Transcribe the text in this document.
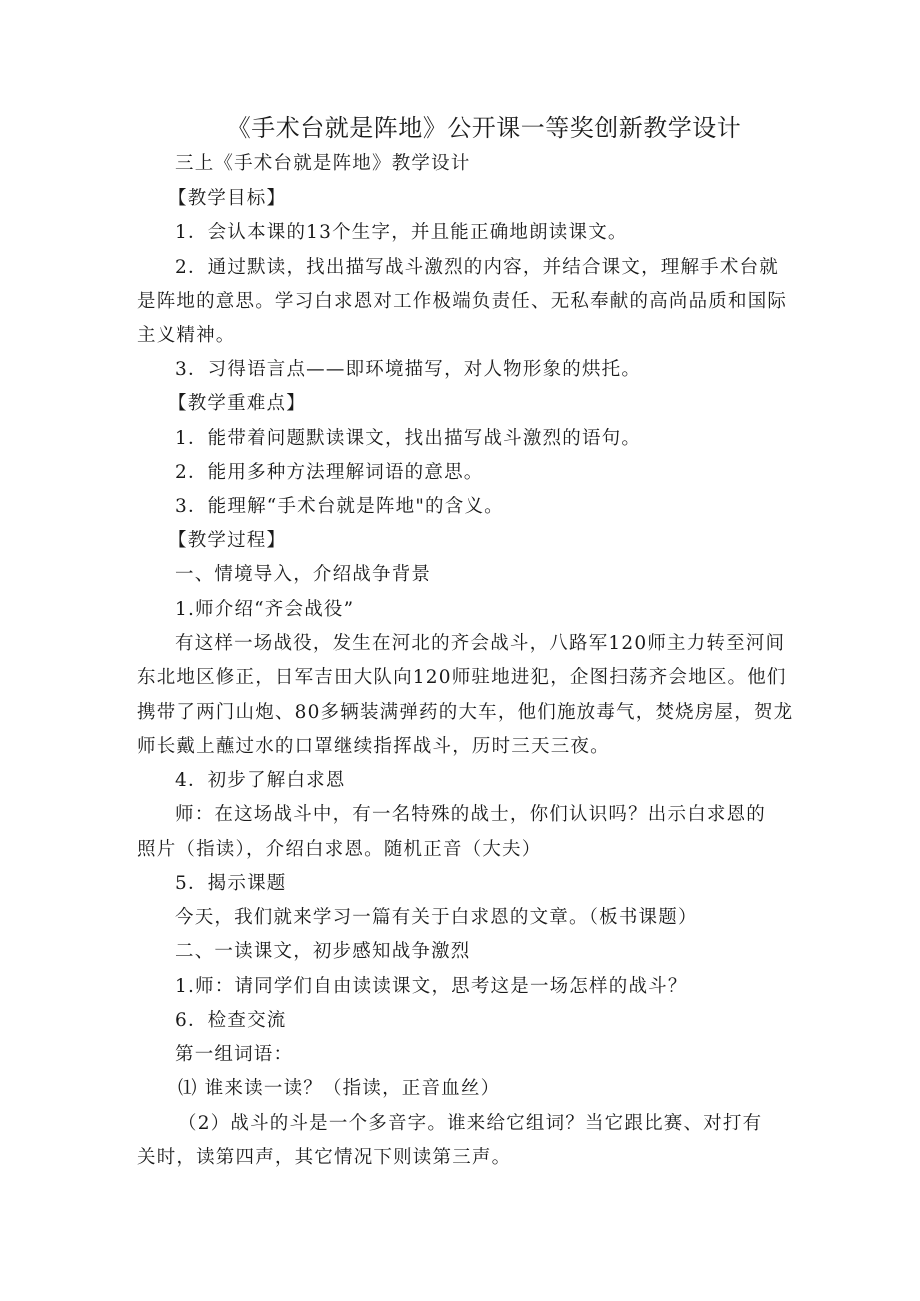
《手术台就是阵地》公开课一等奖创新教学设计
三上《手术台就是阵地》教学设计
【教学目标】
1．会认本课的13个生字，并且能正确地朗读课文。
2．通过默读，找出描写战斗激烈的内容，并结合课文，理解手术台就
是阵地的意思。学习白求恩对工作极端负责任、无私奉献的高尚品质和国际
主义精神。
3．习得语言点——即环境描写，对人物形象的烘托。
【教学重难点】
1．能带着问题默读课文，找出描写战斗激烈的语句。
2．能用多种方法理解词语的意思。
3．能理解“手术台就是阵地"的含义。
【教学过程】
一、情境导入，介绍战争背景
1.师介绍“齐会战役”
有这样一场战役，发生在河北的齐会战斗，八路军120师主力转至河间
东北地区修正，日军吉田大队向120师驻地进犯，企图扫荡齐会地区。他们
携带了两门山炮、80多辆装满弹药的大车，他们施放毒气，焚烧房屋，贺龙
师长戴上蘸过水的口罩继续指挥战斗，历时三天三夜。
4．初步了解白求恩
师：在这场战斗中，有一名特殊的战士，你们认识吗？出示白求恩的
照片（指读），介绍白求恩。随机正音（大夫）
5．揭示课题
今天，我们就来学习一篇有关于白求恩的文章。（板书课题）
二、一读课文，初步感知战争激烈
1.师：请同学们自由读读课文，思考这是一场怎样的战斗？
6．检查交流
第一组词语：
⑴ 谁来读一读？（指读，正音血丝）
（2）战斗的斗是一个多音字。谁来给它组词？当它跟比赛、对打有
关时，读第四声，其它情况下则读第三声。
